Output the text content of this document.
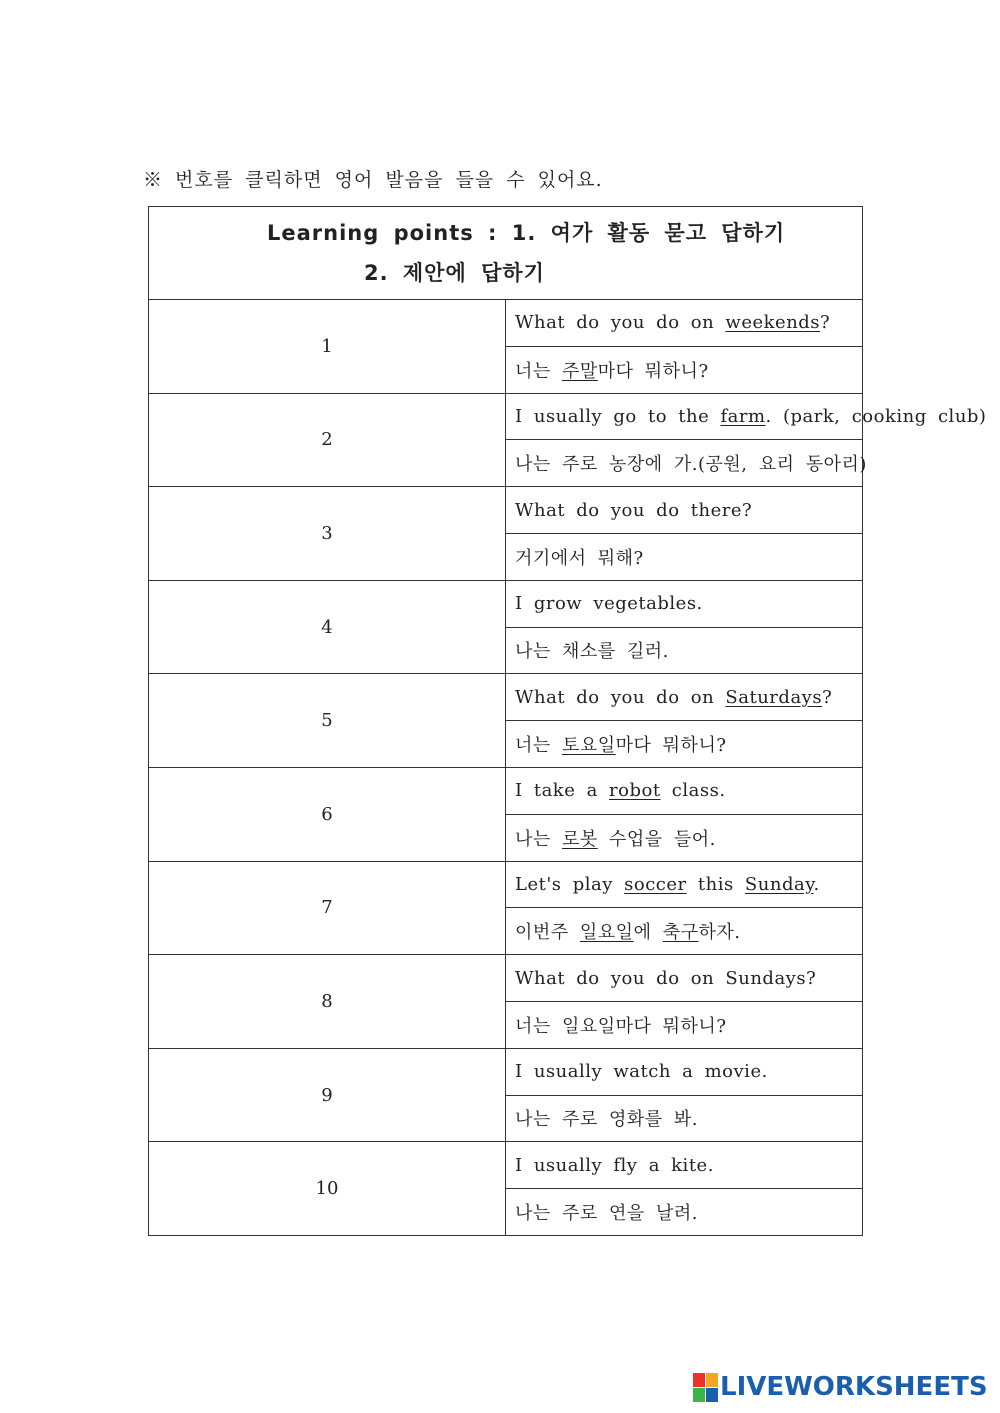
※ 번호를 클릭하면 영어 발음을 들을 수 있어요.
Learning points : 1. 여가 활동 묻고 답하기
2. 제안에 답하기	

1	What do you do on weekends?
	너는 주말마다 뭐하니?
2	I usually go to the farm. (park, cooking club)
	나는 주로 농장에 가.(공원, 요리 동아리)
3	What do you do there?
	거기에서 뭐해?
4	I grow vegetables.
	나는 채소를 길러.
5	What do you do on Saturdays?
	너는 토요일마다 뭐하니?
6	I take a robot class.
	나는 로봇 수업을 들어.
7	Let's play soccer this Sunday.
	이번주 일요일에 축구하자.
8	What do you do on Sundays?
	너는 일요일마다 뭐하니?
9	I usually watch a movie.
	나는 주로 영화를 봐.
10	I usually fly a kite.
	나는 주로 연을 날려.
LIVEWORKSHEETS
